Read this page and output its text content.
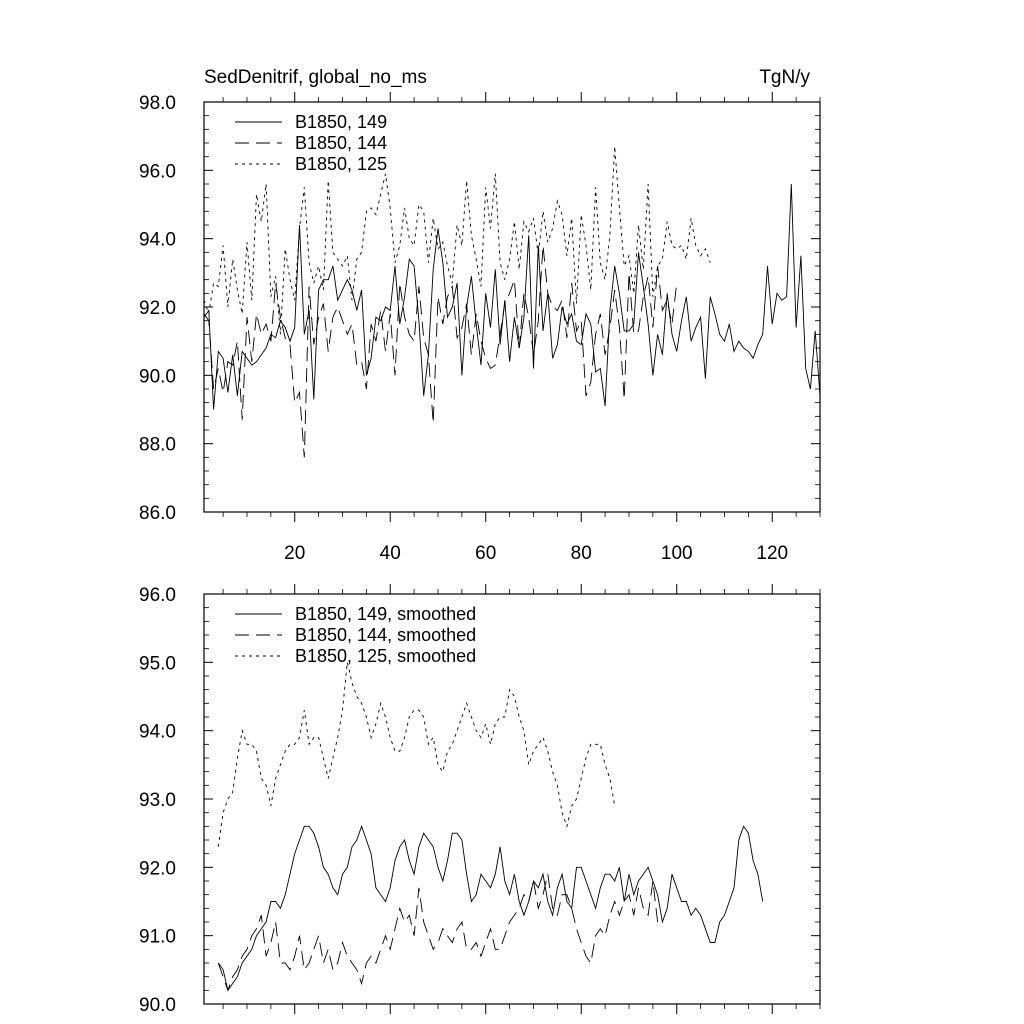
86.0
88.0
90.0
92.0
94.0
96.0
98.0
20	40	60	80	100	120
SedDenitrif, global_no_ms	TgN/y
B1850, 149
B1850, 144
B1850, 125
90.0
91.0
92.0
93.0
94.0
95.0
96.0
B1850, 149, smoothed
B1850, 144, smoothed
B1850, 125, smoothed
